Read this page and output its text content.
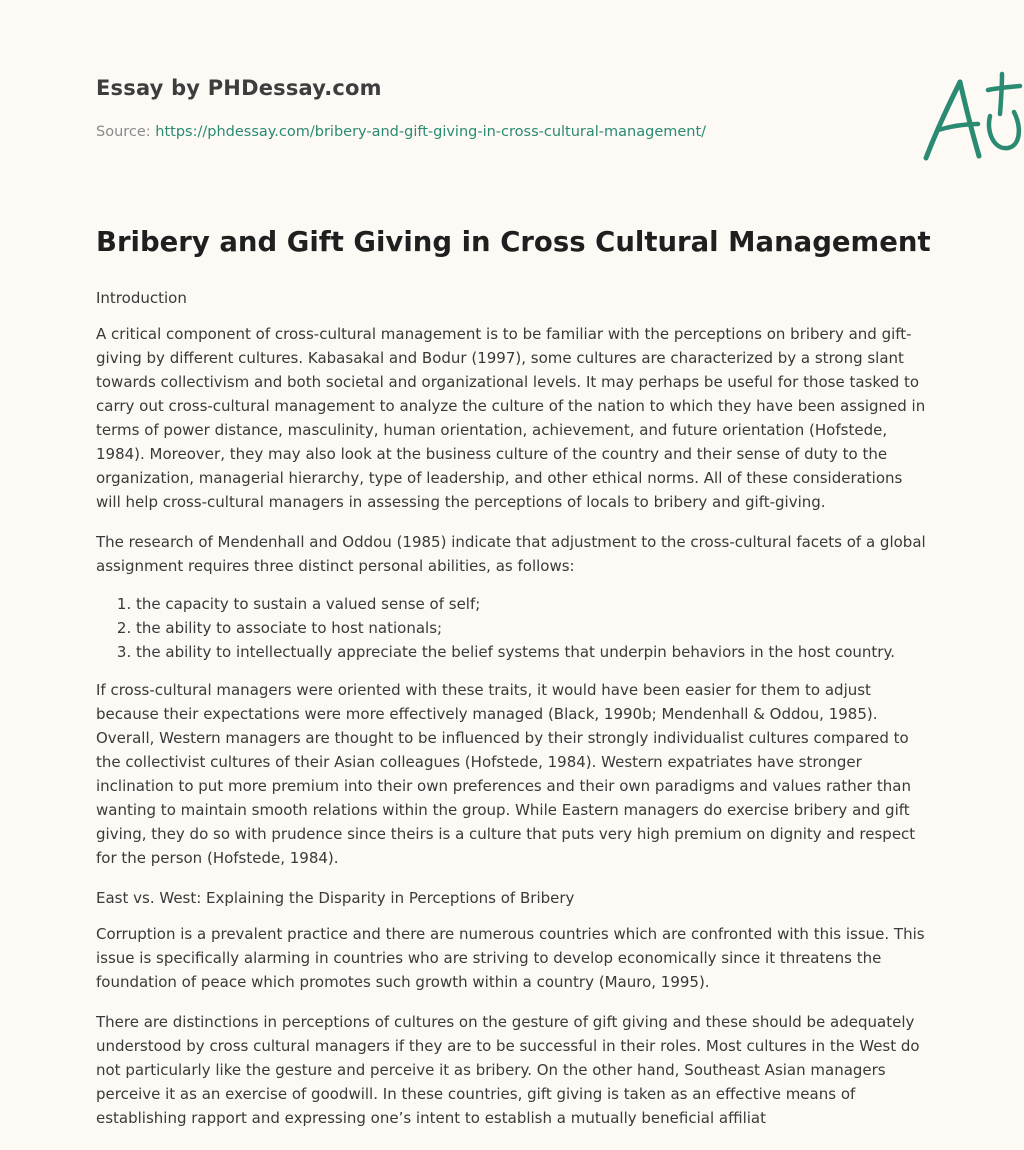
Essay by PHDessay.com

Source: https://phdessay.com/bribery-and-gift-giving-in-cross-cultural-management/

Bribery and Gift Giving in Cross Cultural Management

Introduction

A critical component of cross-cultural management is to be familiar with the perceptions on bribery and gift-giving by different cultures. Kabasakal and Bodur (1997), some cultures are characterized by a strong slant towards collectivism and both societal and organizational levels. It may perhaps be useful for those tasked to carry out cross-cultural management to analyze the culture of the nation to which they have been assigned in terms of power distance, masculinity, human orientation, achievement, and future orientation (Hofstede, 1984). Moreover, they may also look at the business culture of the country and their sense of duty to the organization, managerial hierarchy, type of leadership, and other ethical norms. All of these considerations will help cross-cultural managers in assessing the perceptions of locals to bribery and gift-giving.

The research of Mendenhall and Oddou (1985) indicate that adjustment to the cross-cultural facets of a global assignment requires three distinct personal abilities, as follows:

1. the capacity to sustain a valued sense of self;
2. the ability to associate to host nationals;
3. the ability to intellectually appreciate the belief systems that underpin behaviors in the host country.

If cross-cultural managers were oriented with these traits, it would have been easier for them to adjust because their expectations were more effectively managed (Black, 1990b; Mendenhall & Oddou, 1985). Overall, Western managers are thought to be influenced by their strongly individualist cultures compared to the collectivist cultures of their Asian colleagues (Hofstede, 1984). Western expatriates have stronger inclination to put more premium into their own preferences and their own paradigms and values rather than wanting to maintain smooth relations within the group. While Eastern managers do exercise bribery and gift giving, they do so with prudence since theirs is a culture that puts very high premium on dignity and respect for the person (Hofstede, 1984).

East vs. West: Explaining the Disparity in Perceptions of Bribery

Corruption is a prevalent practice and there are numerous countries which are confronted with this issue. This issue is specifically alarming in countries who are striving to develop economically since it threatens the foundation of peace which promotes such growth within a country (Mauro, 1995).

There are distinctions in perceptions of cultures on the gesture of gift giving and these should be adequately understood by cross cultural managers if they are to be successful in their roles. Most cultures in the West do not particularly like the gesture and perceive it as bribery. On the other hand, Southeast Asian managers perceive it as an exercise of goodwill. In these countries, gift giving is taken as an effective means of establishing rapport and expressing one’s intent to establish a mutually beneficial affiliat
